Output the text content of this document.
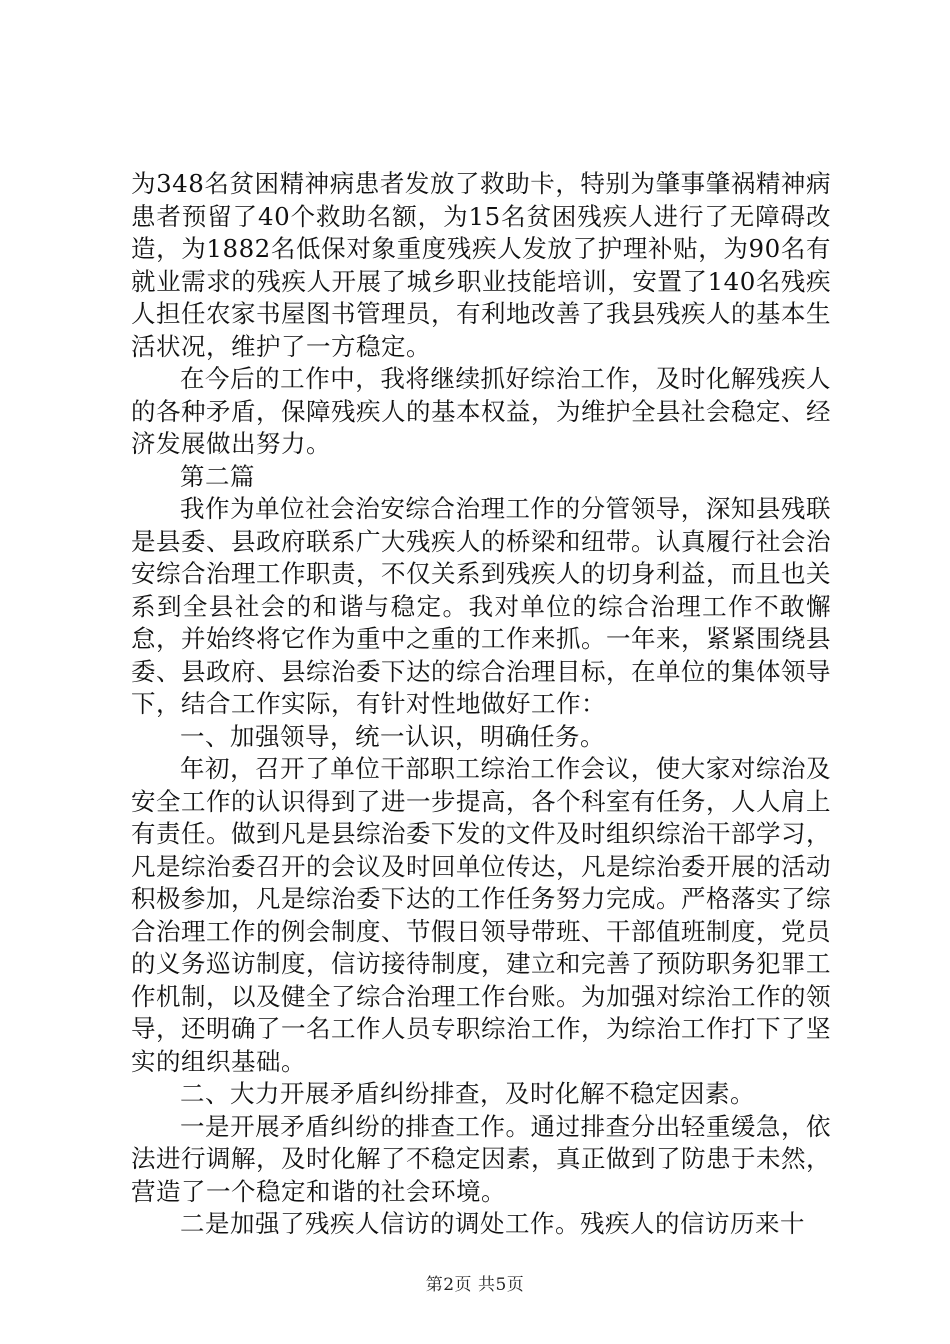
为348名贫困精神病患者发放了救助卡，特别为肇事肇祸精神病患者预留了40个救助名额，为15名贫困残疾人进行了无障碍改造，为1882名低保对象重度残疾人发放了护理补贴，为90名有就业需求的残疾人开展了城乡职业技能培训，安置了140名残疾人担任农家书屋图书管理员，有利地改善了我县残疾人的基本生活状况，维护了一方稳定。

在今后的工作中，我将继续抓好综治工作，及时化解残疾人的各种矛盾，保障残疾人的基本权益，为维护全县社会稳定、经济发展做出努力。

第二篇

我作为单位社会治安综合治理工作的分管领导，深知县残联是县委、县政府联系广大残疾人的桥梁和纽带。认真履行社会治安综合治理工作职责，不仅关系到残疾人的切身利益，而且也关系到全县社会的和谐与稳定。我对单位的综合治理工作不敢懈怠，并始终将它作为重中之重的工作来抓。一年来，紧紧围绕县委、县政府、县综治委下达的综合治理目标，在单位的集体领导下，结合工作实际，有针对性地做好工作：

一、加强领导，统一认识，明确任务。

年初，召开了单位干部职工综治工作会议，使大家对综治及安全工作的认识得到了进一步提高，各个科室有任务，人人肩上有责任。做到凡是县综治委下发的文件及时组织综治干部学习，凡是综治委召开的会议及时回单位传达，凡是综治委开展的活动积极参加，凡是综治委下达的工作任务努力完成。严格落实了综合治理工作的例会制度、节假日领导带班、干部值班制度，党员的义务巡访制度，信访接待制度，建立和完善了预防职务犯罪工作机制，以及健全了综合治理工作台账。为加强对综治工作的领导，还明确了一名工作人员专职综治工作，为综治工作打下了坚实的组织基础。

二、大力开展矛盾纠纷排查，及时化解不稳定因素。

一是开展矛盾纠纷的排查工作。通过排查分出轻重缓急，依法进行调解，及时化解了不稳定因素，真正做到了防患于未然，营造了一个稳定和谐的社会环境。

二是加强了残疾人信访的调处工作。残疾人的信访历来十

第2页 共5页
